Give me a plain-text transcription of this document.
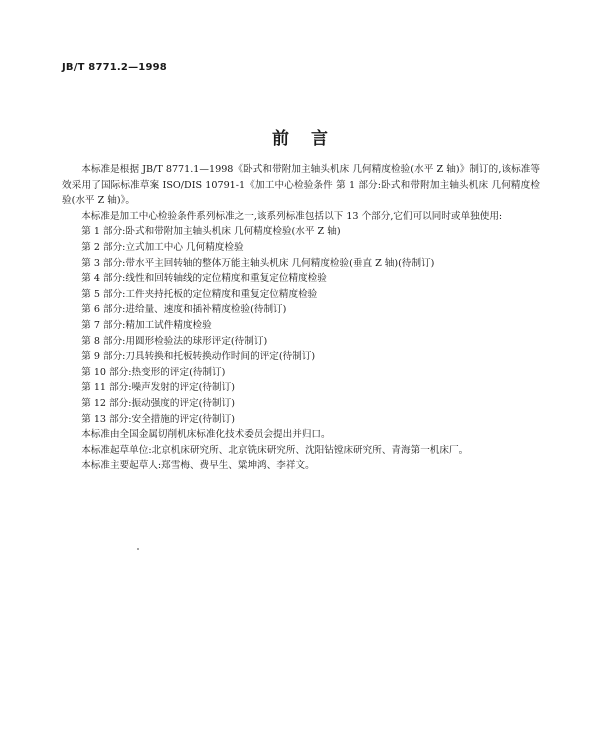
JB/T 8771.2—1998
前言

本标准是根据 JB/T 8771.1—1998《卧式和带附加主轴头机床 几何精度检验(水平 Z 轴)》制订的,该标准等效采用了国际标准草案 ISO/DIS 10791-1《加工中心检验条件 第 1 部分:卧式和带附加主轴头机床 几何精度检验(水平 Z 轴)》。

本标准是加工中心检验条件系列标准之一,该系列标准包括以下 13 个部分,它们可以同时或单独使用:

第 1 部分:卧式和带附加主轴头机床 几何精度检验(水平 Z 轴)
第 2 部分:立式加工中心 几何精度检验
第 3 部分:带水平主回转轴的整体万能主轴头机床 几何精度检验(垂直 Z 轴)(待制订)
第 4 部分:线性和回转轴线的定位精度和重复定位精度检验
第 5 部分:工件夹持托板的定位精度和重复定位精度检验
第 6 部分:进给量、速度和插补精度检验(待制订)
第 7 部分:精加工试件精度检验
第 8 部分:用圆形检验法的球形评定(待制订)
第 9 部分:刀具转换和托板转换动作时间的评定(待制订)
第 10 部分:热变形的评定(待制订)
第 11 部分:噪声发射的评定(待制订)
第 12 部分:振动强度的评定(待制订)
第 13 部分:安全措施的评定(待制订)

本标准由全国金属切削机床标准化技术委员会提出并归口。

本标准起草单位:北京机床研究所、北京铣床研究所、沈阳钻镗床研究所、青海第一机床厂。

本标准主要起草人:郑雪梅、费早生、粱坤鸿、李祥文。
